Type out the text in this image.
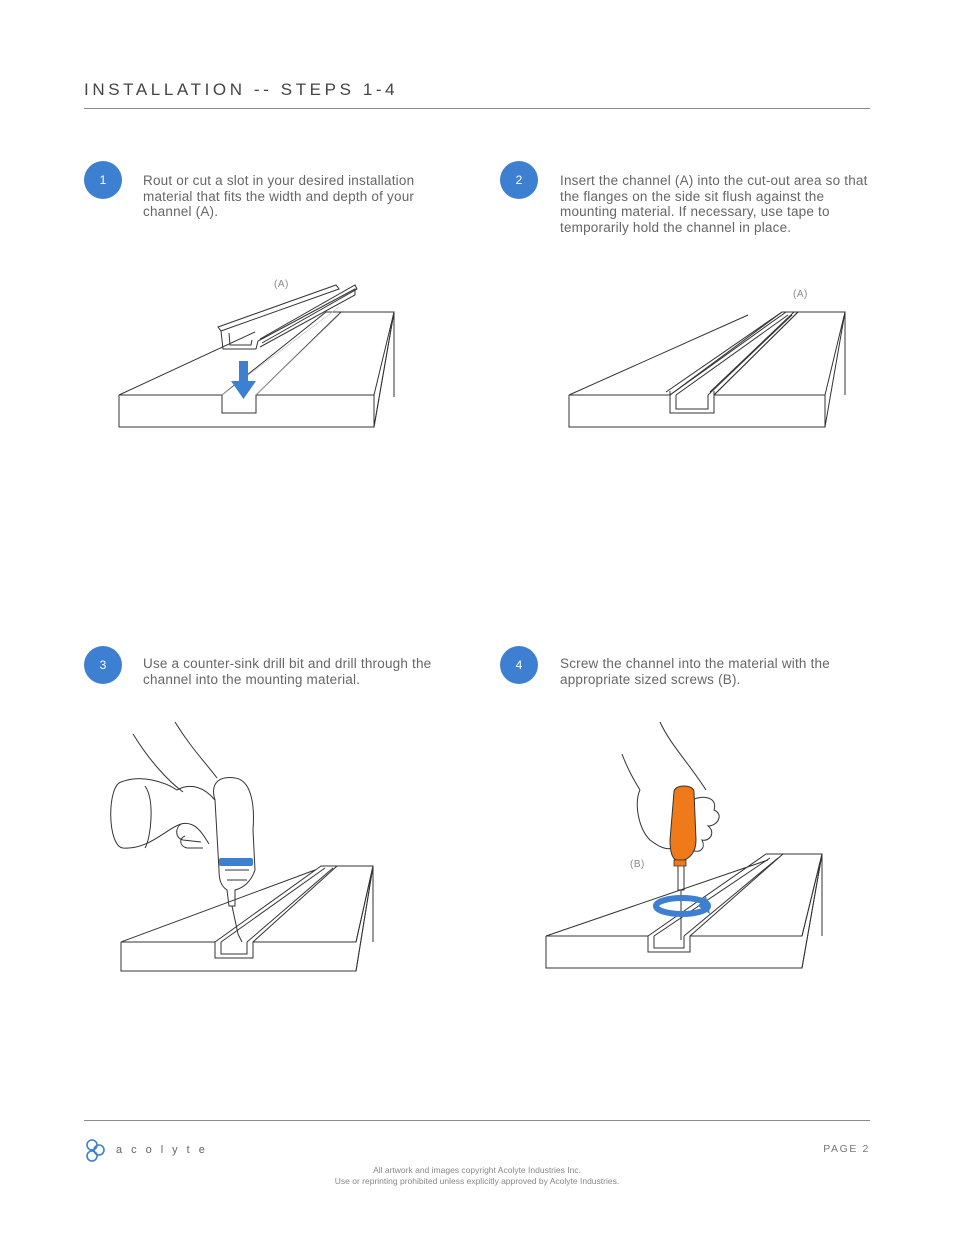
INSTALLATION -- STEPS 1-4
1	Rout or cut a slot in your desired installation material that fits the width and depth of your channel (A).
(A)
2	Insert the channel (A) into the cut-out area so that the flanges on the side sit flush against the mounting material. If necessary, use tape to temporarily hold the channel in place.
(A)
3	Use a counter-sink drill bit and drill through the channel into the mounting material.
4	Screw the channel into the material with the appropriate sized screws (B).
(B)
acolyte	PAGE 2
All artwork and images copyright Acolyte Industries Inc.
Use or reprinting prohibited unless explicitly approved by Acolyte Industries.
